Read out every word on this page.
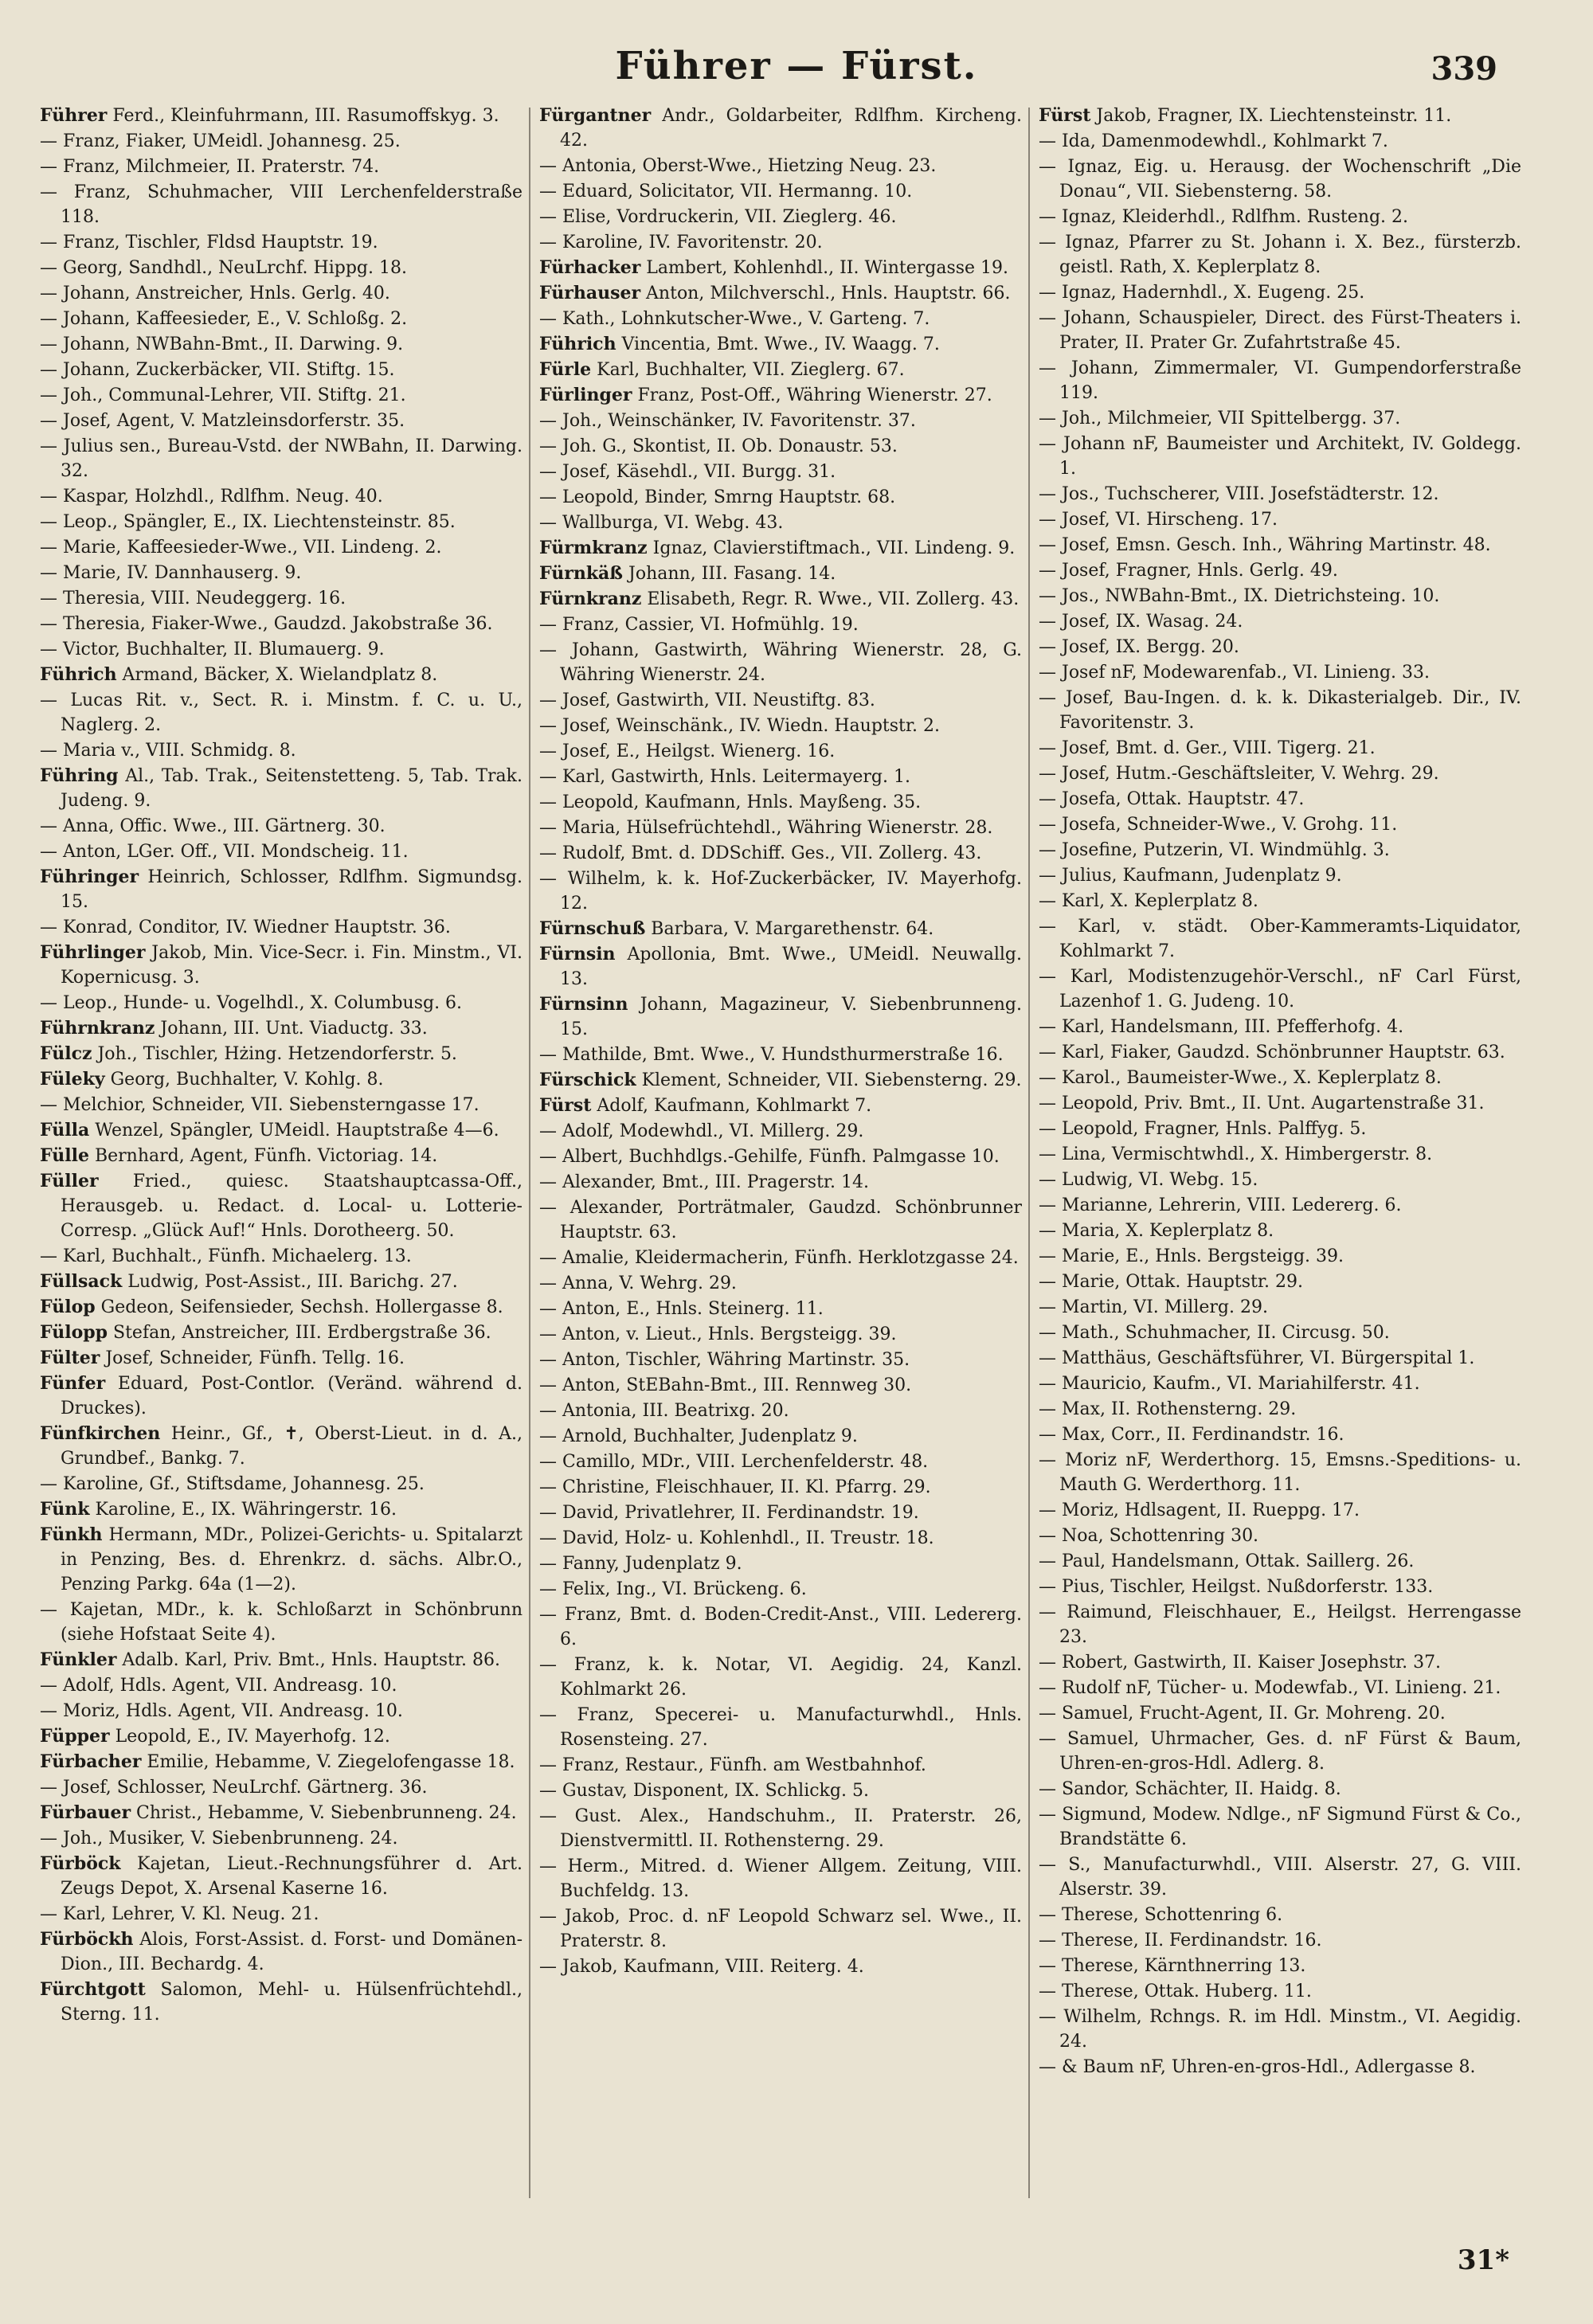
Führer — Fürst.	339

Führer Ferd., Kleinfuhrmann, III. Rasumoffskyg. 3.

— Franz, Fiaker, UMeidl. Johannesg. 25.

— Franz, Milchmeier, II. Praterstr. 74.

— Franz, Schuhmacher, VIII Lerchenfelderstraße 118.

— Franz, Tischler, Fldsd Hauptstr. 19.

— Georg, Sandhdl., NeuLrchf. Hippg. 18.

— Johann, Anstreicher, Hnls. Gerlg. 40.

— Johann, Kaffeesieder, E., V. Schloßg. 2.

— Johann, NWBahn-Bmt., II. Darwing. 9.

— Johann, Zuckerbäcker, VII. Stiftg. 15.

— Joh., Communal-Lehrer, VII. Stiftg. 21.

— Josef, Agent, V. Matzleinsdorferstr. 35.

— Julius sen., Bureau-Vstd. der NWBahn, II. Darwing. 32.

— Kaspar, Holzhdl., Rdlfhm. Neug. 40.

— Leop., Spängler, E., IX. Liechtensteinstr. 85.

— Marie, Kaffeesieder-Wwe., VII. Lindeng. 2.

— Marie, IV. Dannhauserg. 9.

— Theresia, VIII. Neudeggerg. 16.

— Theresia, Fiaker-Wwe., Gaudzd. Jakobstraße 36.

— Victor, Buchhalter, II. Blumauerg. 9.

Führich Armand, Bäcker, X. Wielandplatz 8.

— Lucas Rit. v., Sect. R. i. Minstm. f. C. u. U., Naglerg. 2.

— Maria v., VIII. Schmidg. 8.

Führing Al., Tab. Trak., Seitenstetteng. 5, Tab. Trak. Judeng. 9.

— Anna, Offic. Wwe., III. Gärtnerg. 30.

— Anton, LGer. Off., VII. Mondscheig. 11.

Führinger Heinrich, Schlosser, Rdlfhm. Sigmundsg. 15.

— Konrad, Conditor, IV. Wiedner Hauptstr. 36.

Führlinger Jakob, Min. Vice-Secr. i. Fin. Minstm., VI. Kopernicusg. 3.

— Leop., Hunde- u. Vogelhdl., X. Columbusg. 6.

Führnkranz Johann, III. Unt. Viaductg. 33.

Fülcz Joh., Tischler, Hżing. Hetzendorferstr. 5.

Füleky Georg, Buchhalter, V. Kohlg. 8.

— Melchior, Schneider, VII. Siebensterngasse 17.

Fülla Wenzel, Spängler, UMeidl. Hauptstraße 4—6.

Fülle Bernhard, Agent, Fünfh. Victoriag. 14.

Füller Fried., quiesc. Staatshauptcassa-Off., Herausgeb. u. Redact. d. Local- u. Lotterie-Corresp. „Glück Auf!“ Hnls. Dorotheerg. 50.

— Karl, Buchhalt., Fünfh. Michaelerg. 13.

Füllsack Ludwig, Post-Assist., III. Barichg. 27.

Fülop Gedeon, Seifensieder, Sechsh. Hollergasse 8.

Fülopp Stefan, Anstreicher, III. Erdbergstraße 36.

Fülter Josef, Schneider, Fünfh. Tellg. 16.

Fünfer Eduard, Post-Contlor. (Veränd. während d. Druckes).

Fünfkirchen Heinr., Gf., ✝, Oberst-Lieut. in d. A., Grundbef., Bankg. 7.

— Karoline, Gf., Stiftsdame, Johannesg. 25.

Fünk Karoline, E., IX. Währingerstr. 16.

Fünkh Hermann, MDr., Polizei-Gerichts- u. Spitalarzt in Penzing, Bes. d. Ehrenkrz. d. sächs. Albr.O., Penzing Parkg. 64a (1—2).

— Kajetan, MDr., k. k. Schloßarzt in Schönbrunn (siehe Hofstaat Seite 4).

Fünkler Adalb. Karl, Priv. Bmt., Hnls. Hauptstr. 86.

— Adolf, Hdls. Agent, VII. Andreasg. 10.

— Moriz, Hdls. Agent, VII. Andreasg. 10.

Füpper Leopold, E., IV. Mayerhofg. 12.

Fürbacher Emilie, Hebamme, V. Ziegelofengasse 18.

— Josef, Schlosser, NeuLrchf. Gärtnerg. 36.

Fürbauer Christ., Hebamme, V. Siebenbrunneng. 24.

— Joh., Musiker, V. Siebenbrunneng. 24.

Fürböck Kajetan, Lieut.-Rechnungsführer d. Art. Zeugs Depot, X. Arsenal Kaserne 16.

— Karl, Lehrer, V. Kl. Neug. 21.

Fürböckh Alois, Forst-Assist. d. Forst- und Domänen-Dion., III. Bechardg. 4.

Fürchtgott Salomon, Mehl- u. Hülsenfrüchtehdl., Sterng. 11.

Fürgantner Andr., Goldarbeiter, Rdlfhm. Kircheng. 42.

— Antonia, Oberst-Wwe., Hietzing Neug. 23.

— Eduard, Solicitator, VII. Hermanng. 10.

— Elise, Vordruckerin, VII. Zieglerg. 46.

— Karoline, IV. Favoritenstr. 20.

Fürhacker Lambert, Kohlenhdl., II. Wintergasse 19.

Fürhauser Anton, Milchverschl., Hnls. Hauptstr. 66.

— Kath., Lohnkutscher-Wwe., V. Garteng. 7.

Führich Vincentia, Bmt. Wwe., IV. Waagg. 7.

Fürle Karl, Buchhalter, VII. Zieglerg. 67.

Fürlinger Franz, Post-Off., Währing Wienerstr. 27.

— Joh., Weinschänker, IV. Favoritenstr. 37.

— Joh. G., Skontist, II. Ob. Donaustr. 53.

— Josef, Käsehdl., VII. Burgg. 31.

— Leopold, Binder, Smrng Hauptstr. 68.

— Wallburga, VI. Webg. 43.

Fürmkranz Ignaz, Clavierstiftmach., VII. Lindeng. 9.

Fürnkäß Johann, III. Fasang. 14.

Fürnkranz Elisabeth, Regr. R. Wwe., VII. Zollerg. 43.

— Franz, Cassier, VI. Hofmühlg. 19.

— Johann, Gastwirth, Währing Wienerstr. 28, G. Währing Wienerstr. 24.

— Josef, Gastwirth, VII. Neustiftg. 83.

— Josef, Weinschänk., IV. Wiedn. Hauptstr. 2.

— Josef, E., Heilgst. Wienerg. 16.

— Karl, Gastwirth, Hnls. Leitermayerg. 1.

— Leopold, Kaufmann, Hnls. Mayßeng. 35.

— Maria, Hülsefrüchtehdl., Währing Wienerstr. 28.

— Rudolf, Bmt. d. DDSchiff. Ges., VII. Zollerg. 43.

— Wilhelm, k. k. Hof-Zuckerbäcker, IV. Mayerhofg. 12.

Fürnschuß Barbara, V. Margarethenstr. 64.

Fürnsin Apollonia, Bmt. Wwe., UMeidl. Neuwallg. 13.

Fürnsinn Johann, Magazineur, V. Siebenbrunneng. 15.

— Mathilde, Bmt. Wwe., V. Hundsthurmerstraße 16.

Fürschick Klement, Schneider, VII. Siebensterng. 29.

Fürst Adolf, Kaufmann, Kohlmarkt 7.

— Adolf, Modewhdl., VI. Millerg. 29.

— Albert, Buchhdlgs.-Gehilfe, Fünfh. Palmgasse 10.

— Alexander, Bmt., III. Pragerstr. 14.

— Alexander, Porträtmaler, Gaudzd. Schönbrunner Hauptstr. 63.

— Amalie, Kleidermacherin, Fünfh. Herklotzgasse 24.

— Anna, V. Wehrg. 29.

— Anton, E., Hnls. Steinerg. 11.

— Anton, v. Lieut., Hnls. Bergsteigg. 39.

— Anton, Tischler, Währing Martinstr. 35.

— Anton, StEBahn-Bmt., III. Rennweg 30.

— Antonia, III. Beatrixg. 20.

— Arnold, Buchhalter, Judenplatz 9.

— Camillo, MDr., VIII. Lerchenfelderstr. 48.

— Christine, Fleischhauer, II. Kl. Pfarrg. 29.

— David, Privatlehrer, II. Ferdinandstr. 19.

— David, Holz- u. Kohlenhdl., II. Treustr. 18.

— Fanny, Judenplatz 9.

— Felix, Ing., VI. Brückeng. 6.

— Franz, Bmt. d. Boden-Credit-Anst., VIII. Ledererg. 6.

— Franz, k. k. Notar, VI. Aegidig. 24, Kanzl. Kohlmarkt 26.

— Franz, Specerei- u. Manufacturwhdl., Hnls. Rosensteing. 27.

— Franz, Restaur., Fünfh. am Westbahnhof.

— Gustav, Disponent, IX. Schlickg. 5.

— Gust. Alex., Handschuhm., II. Praterstr. 26, Dienstvermittl. II. Rothensterng. 29.

— Herm., Mitred. d. Wiener Allgem. Zeitung, VIII. Buchfeldg. 13.

— Jakob, Proc. d. nF Leopold Schwarz sel. Wwe., II. Praterstr. 8.

— Jakob, Kaufmann, VIII. Reiterg. 4.

Fürst Jakob, Fragner, IX. Liechtensteinstr. 11.

— Ida, Damenmodewhdl., Kohlmarkt 7.

— Ignaz, Eig. u. Herausg. der Wochenschrift „Die Donau“, VII. Siebensterng. 58.

— Ignaz, Kleiderhdl., Rdlfhm. Rusteng. 2.

— Ignaz, Pfarrer zu St. Johann i. X. Bez., fürsterzb. geistl. Rath, X. Keplerplatz 8.

— Ignaz, Hadernhdl., X. Eugeng. 25.

— Johann, Schauspieler, Direct. des Fürst-Theaters i. Prater, II. Prater Gr. Zufahrtstraße 45.

— Johann, Zimmermaler, VI. Gumpendorferstraße 119.

— Joh., Milchmeier, VII Spittelbergg. 37.

— Johann nF, Baumeister und Architekt, IV. Goldegg. 1.

— Jos., Tuchscherer, VIII. Josefstädterstr. 12.

— Josef, VI. Hirscheng. 17.

— Josef, Emsn. Gesch. Inh., Währing Martinstr. 48.

— Josef, Fragner, Hnls. Gerlg. 49.

— Jos., NWBahn-Bmt., IX. Dietrichsteing. 10.

— Josef, IX. Wasag. 24.

— Josef, IX. Bergg. 20.

— Josef nF, Modewarenfab., VI. Linieng. 33.

— Josef, Bau-Ingen. d. k. k. Dikasterialgeb. Dir., IV. Favoritenstr. 3.

— Josef, Bmt. d. Ger., VIII. Tigerg. 21.

— Josef, Hutm.-Geschäftsleiter, V. Wehrg. 29.

— Josefa, Ottak. Hauptstr. 47.

— Josefa, Schneider-Wwe., V. Grohg. 11.

— Josefine, Putzerin, VI. Windmühlg. 3.

— Julius, Kaufmann, Judenplatz 9.

— Karl, X. Keplerplatz 8.

— Karl, v. städt. Ober-Kammeramts-Liquidator, Kohlmarkt 7.

— Karl, Modistenzugehör-Verschl., nF Carl Fürst, Lazenhof 1. G. Judeng. 10.

— Karl, Handelsmann, III. Pfefferhofg. 4.

— Karl, Fiaker, Gaudzd. Schönbrunner Hauptstr. 63.

— Karol., Baumeister-Wwe., X. Keplerplatz 8.

— Leopold, Priv. Bmt., II. Unt. Augartenstraße 31.

— Leopold, Fragner, Hnls. Palffyg. 5.

— Lina, Vermischtwhdl., X. Himbergerstr. 8.

— Ludwig, VI. Webg. 15.

— Marianne, Lehrerin, VIII. Ledererg. 6.

— Maria, X. Keplerplatz 8.

— Marie, E., Hnls. Bergsteigg. 39.

— Marie, Ottak. Hauptstr. 29.

— Martin, VI. Millerg. 29.

— Math., Schuhmacher, II. Circusg. 50.

— Matthäus, Geschäftsführer, VI. Bürgerspital 1.

— Mauricio, Kaufm., VI. Mariahilferstr. 41.

— Max, II. Rothensterng. 29.

— Max, Corr., II. Ferdinandstr. 16.

— Moriz nF, Werderthorg. 15, Emsns.-Speditions- u. Mauth G. Werderthorg. 11.

— Moriz, Hdlsagent, II. Rueppg. 17.

— Noa, Schottenring 30.

— Paul, Handelsmann, Ottak. Saillerg. 26.

— Pius, Tischler, Heilgst. Nußdorferstr. 133.

— Raimund, Fleischhauer, E., Heilgst. Herrengasse 23.

— Robert, Gastwirth, II. Kaiser Josephstr. 37.

— Rudolf nF, Tücher- u. Modewfab., VI. Linieng. 21.

— Samuel, Frucht-Agent, II. Gr. Mohreng. 20.

— Samuel, Uhrmacher, Ges. d. nF Fürst & Baum, Uhren-en-gros-Hdl. Adlerg. 8.

— Sandor, Schächter, II. Haidg. 8.

— Sigmund, Modew. Ndlge., nF Sigmund Fürst & Co., Brandstätte 6.

— S., Manufacturwhdl., VIII. Alserstr. 27, G. VIII. Alserstr. 39.

— Therese, Schottenring 6.

— Therese, II. Ferdinandstr. 16.

— Therese, Kärnthnerring 13.

— Therese, Ottak. Huberg. 11.

— Wilhelm, Rchngs. R. im Hdl. Minstm., VI. Aegidig. 24.

— & Baum nF, Uhren-en-gros-Hdl., Adlergasse 8.

31*
